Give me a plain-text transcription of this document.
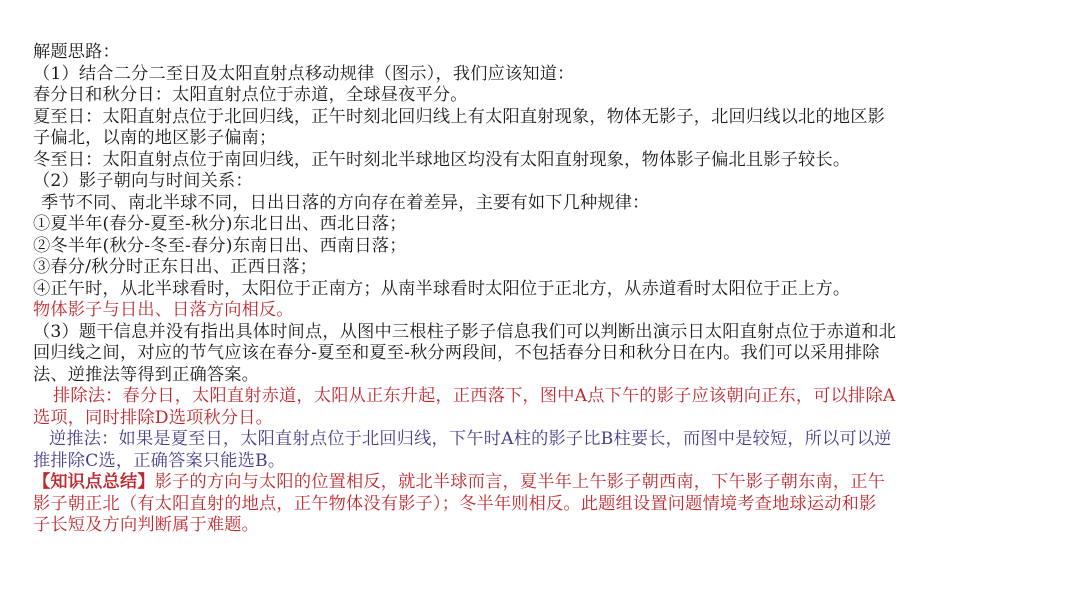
解题思路：
（1）结合二分二至日及太阳直射点移动规律（图示），我们应该知道：
春分日和秋分日：太阳直射点位于赤道，全球昼夜平分。
夏至日：太阳直射点位于北回归线，正午时刻北回归线上有太阳直射现象，物体无影子，北回归线以北的地区影
子偏北，以南的地区影子偏南；
冬至日：太阳直射点位于南回归线，正午时刻北半球地区均没有太阳直射现象，物体影子偏北且影子较长。
（2）影子朝向与时间关系：
季节不同、南北半球不同，日出日落的方向存在着差异，主要有如下几种规律：
①夏半年(春分-夏至-秋分)东北日出、西北日落；
②冬半年(秋分-冬至-春分)东南日出、西南日落；
③春分/秋分时正东日出、正西日落；
④正午时，从北半球看时，太阳位于正南方；从南半球看时太阳位于正北方，从赤道看时太阳位于正上方。
物体影子与日出、日落方向相反。
（3）题干信息并没有指出具体时间点，从图中三根柱子影子信息我们可以判断出演示日太阳直射点位于赤道和北
回归线之间，对应的节气应该在春分-夏至和夏至-秋分两段间，不包括春分日和秋分日在内。我们可以采用排除
法、逆推法等得到正确答案。
排除法：春分日，太阳直射赤道，太阳从正东升起，正西落下，图中A点下午的影子应该朝向正东，可以排除A
选项，同时排除D选项秋分日。
逆推法：如果是夏至日，太阳直射点位于北回归线，下午时A柱的影子比B柱要长，而图中是较短，所以可以逆
推排除C选，正确答案只能选B。
【知识点总结】影子的方向与太阳的位置相反，就北半球而言，夏半年上午影子朝西南，下午影子朝东南，正午
影子朝正北（有太阳直射的地点，正午物体没有影子）；冬半年则相反。此题组设置问题情境考查地球运动和影
子长短及方向判断属于难题。
